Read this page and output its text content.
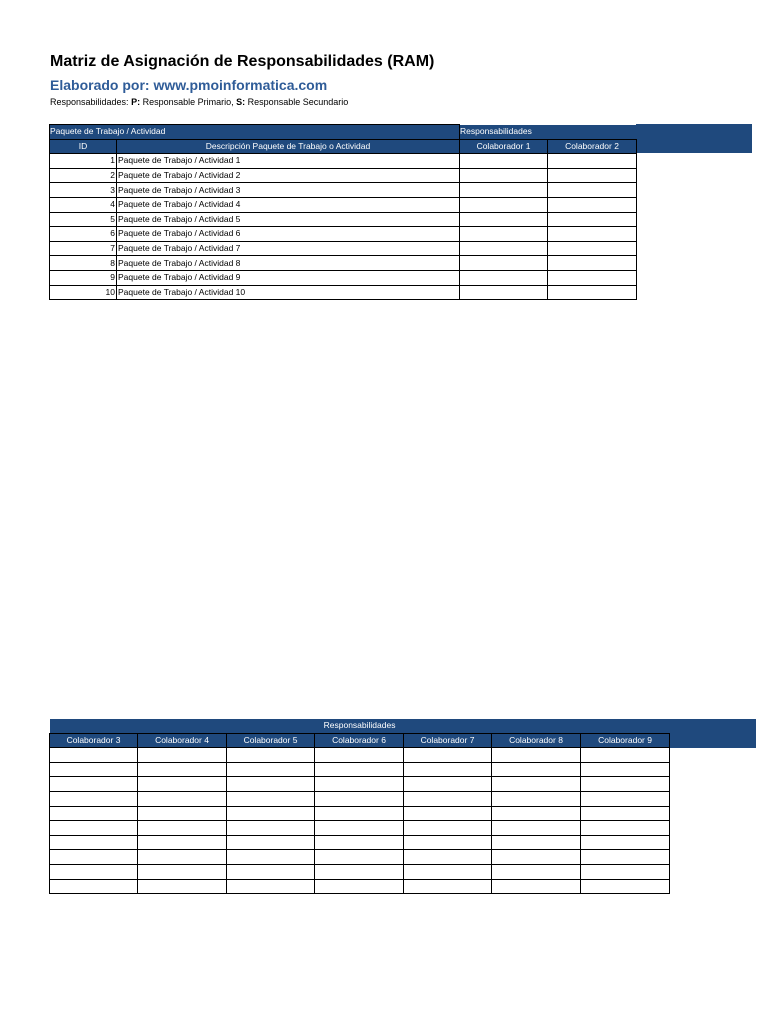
Matriz de Asignación de Responsabilidades (RAM)
Elaborado por: www.pmoinformatica.com
Responsabilidades: P: Responsable Primario, S: Responsable Secundario
Paquete de Trabajo / Actividad		Responsabilidades	
ID	Descripción Paquete de Trabajo o Actividad	Colaborador 1	Colaborador 2
1	Paquete de Trabajo / Actividad 1		
2	Paquete de Trabajo / Actividad 2		
3	Paquete de Trabajo / Actividad 3		
4	Paquete de Trabajo / Actividad 4		
5	Paquete de Trabajo / Actividad 5		
6	Paquete de Trabajo / Actividad 6		
7	Paquete de Trabajo / Actividad 7		
8	Paquete de Trabajo / Actividad 8		
9	Paquete de Trabajo / Actividad 9		
10	Paquete de Trabajo / Actividad 10		
Responsabilidades						
Colaborador 3	Colaborador 4	Colaborador 5	Colaborador 6	Colaborador 7	Colaborador 8	Colaborador 9
